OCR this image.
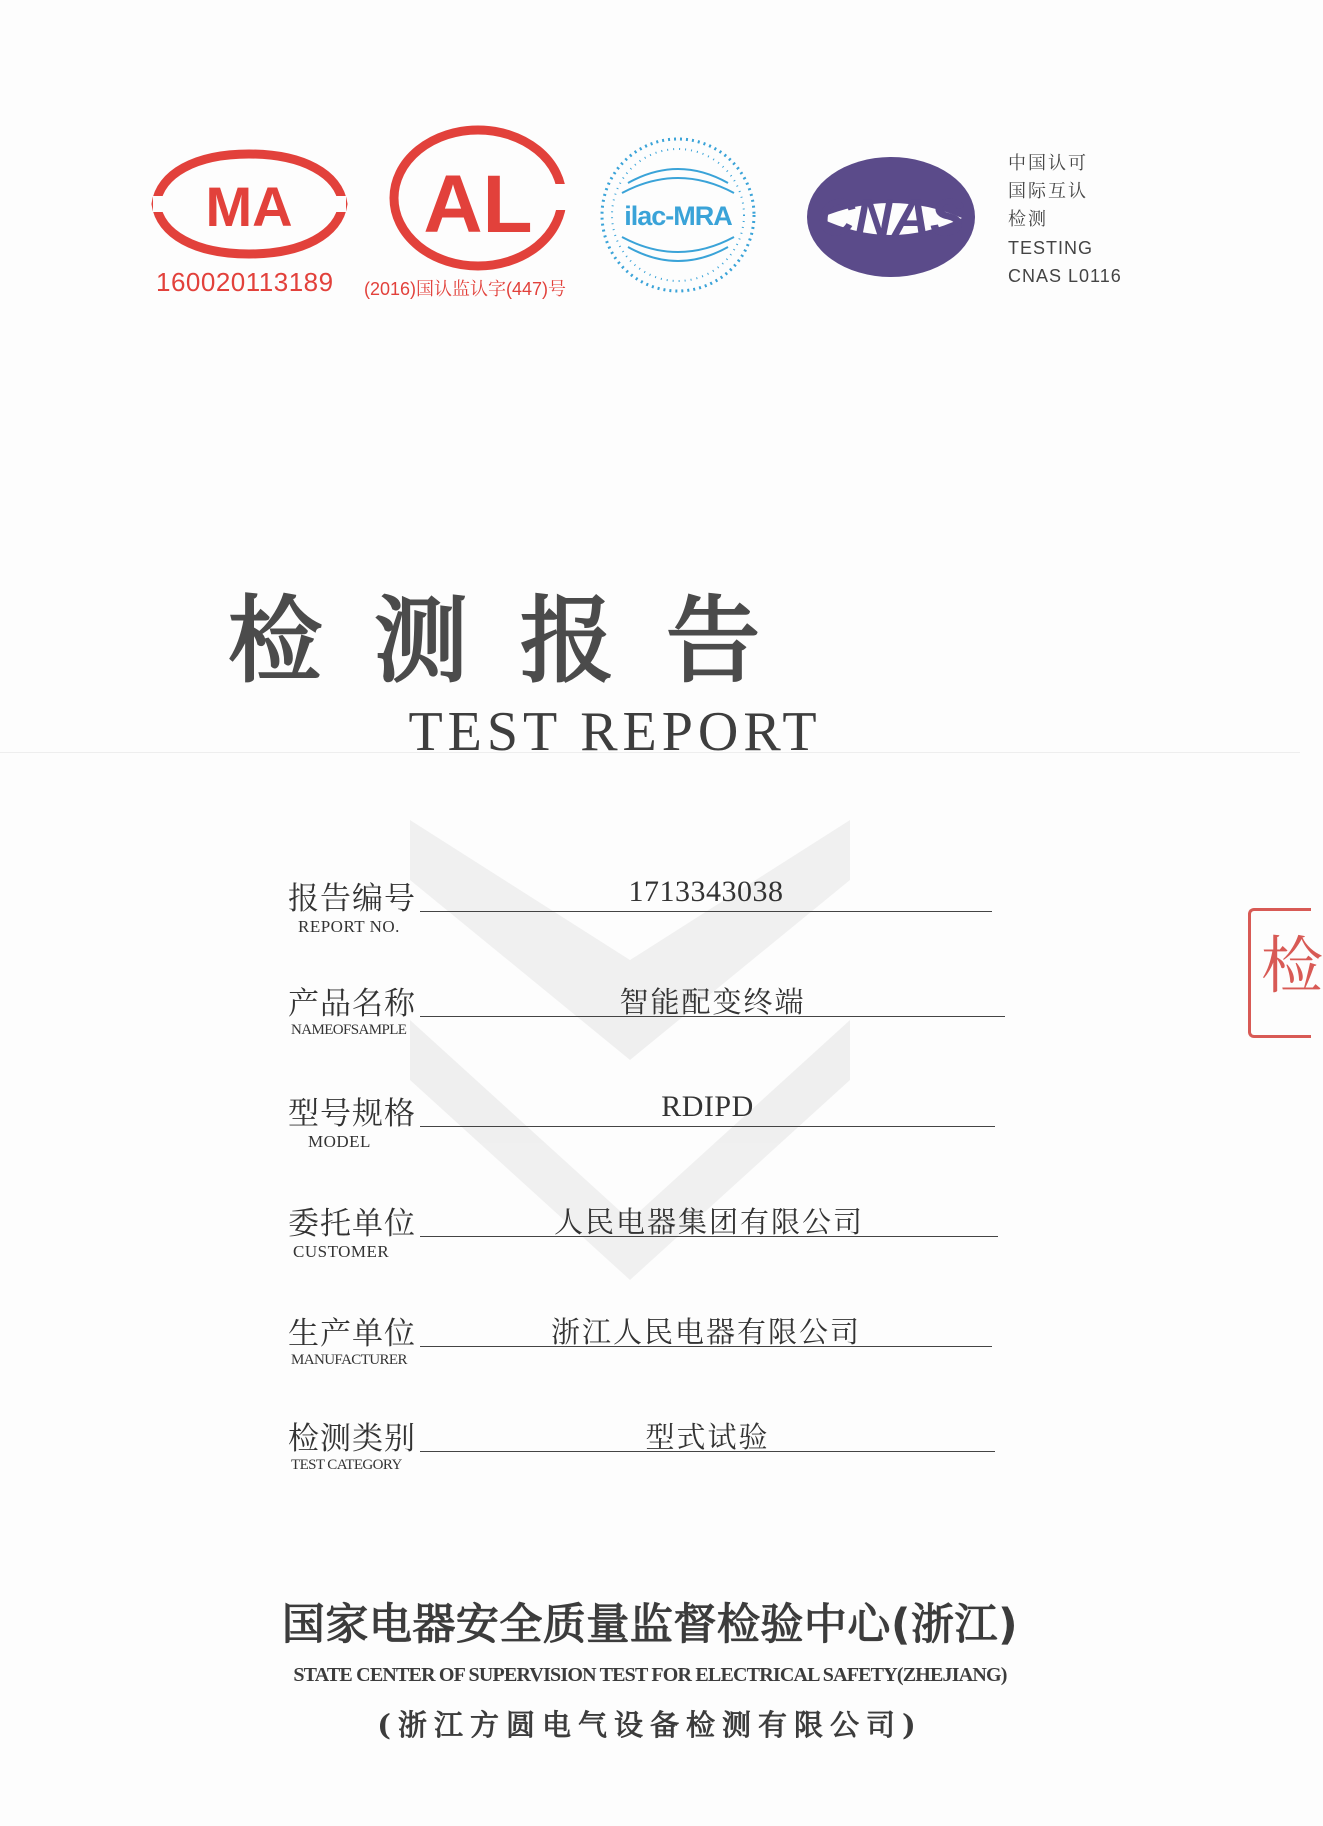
MA
160020113189
AL
(2016)国认监认字(447)号
ilac-MRA CNAS
中国认可
国际互认
检测
TESTING
CNAS L0116
检测报告
TEST REPORT
报告编号
REPORT NO.
1713343038
产品名称
NAMEOFSAMPLE
智能配变终端
型号规格
MODEL
RDIPD
委托单位
CUSTOMER
人民电器集团有限公司
生产单位
MANUFACTURER
浙江人民电器有限公司
检测类别
TEST CATEGORY
型式试验
国家电器安全质量监督检验中心(浙江)
STATE CENTER OF SUPERVISION TEST FOR ELECTRICAL SAFETY(ZHEJIANG)
(浙江方圆电气设备检测有限公司)
检
